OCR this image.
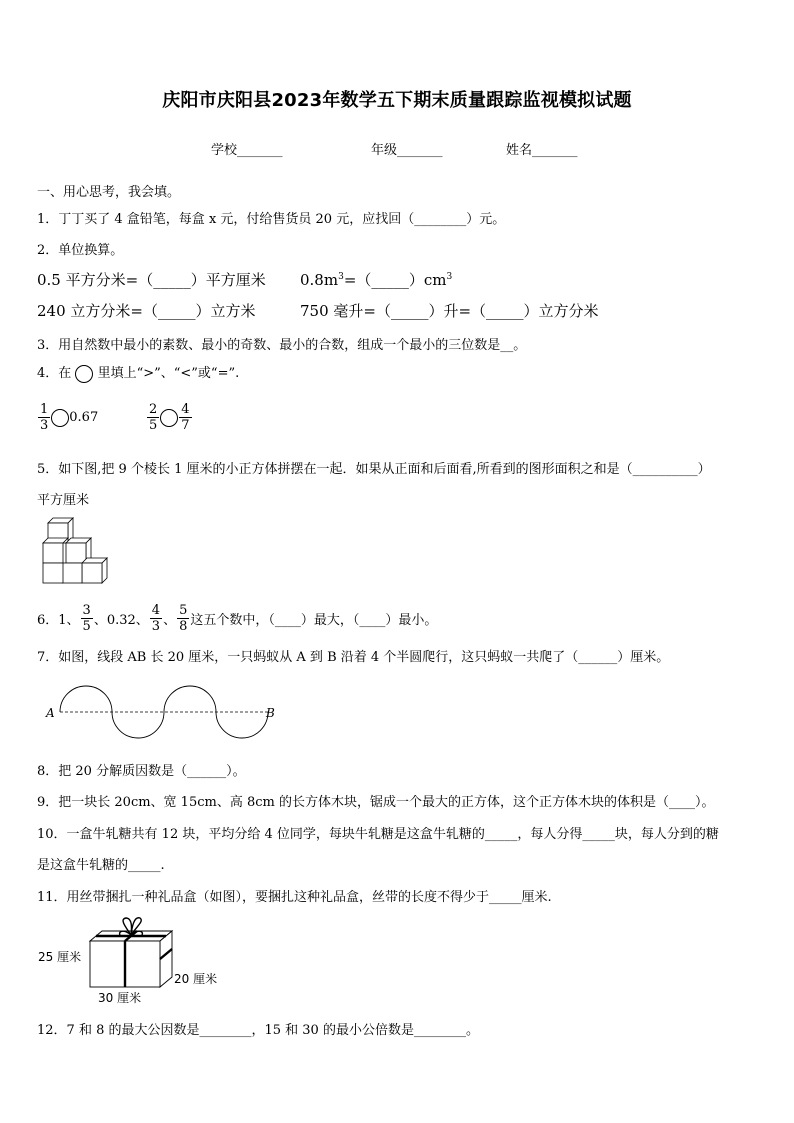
庆阳市庆阳县2023年数学五下期末质量跟踪监视模拟试题
学校_______	年级_______	姓名_______
一、用心思考，我会填。
1．丁丁买了 4 盒铅笔，每盒 x 元，付给售货员 20 元，应找回（________）元。
2．单位换算。
0.5 平方分米=（_____）平方厘米 $0.8m^3=(\_\_\_\_\_)cm^3$
240 立方分米=（_____）立方米	750 毫升=（_____）升=（_____）立方分米
3．用自然数中最小的素数、最小的奇数、最小的合数，组成一个最小的三位数是__。
4．在 里填上“>”、“<”或“=”.
$\frac{1}{3} 0.67$	$\frac{2}{5} \frac{4}{7}$
5．如下图,把 9 个棱长 1 厘米的小正方体拼摆在一起．如果从正面和后面看,所看到的图形面积之和是（__________）
平方厘米
6．1、 $\frac{3}{5}$ 、0.32、 $\frac{4}{3}$ 、 $\frac{5}{8}$ 这五个数中，（____）最大，（____）最小。
7．如图，线段 AB 长 20 厘米，一只蚂蚁从 A 到 B 沿着 4 个半圆爬行，这只蚂蚁一共爬了（______）厘米。
A	B
8．把 20 分解质因数是（______）。
9．把一块长 20cm、宽 15cm、高 8cm 的长方体木块，锯成一个最大的正方体，这个正方体木块的体积是（____）。
10．一盒牛轧糖共有 12 块，平均分给 4 位同学，每块牛轧糖是这盒牛轧糖的_____，每人分得_____块，每人分到的糖
是这盒牛轧糖的_____.
11．用丝带捆扎一种礼品盒（如图），要捆扎这种礼品盒，丝带的长度不得少于_____厘米.
25 厘米
20 厘米
30 厘米
12．7 和 8 的最大公因数是________，15 和 30 的最小公倍数是________。
